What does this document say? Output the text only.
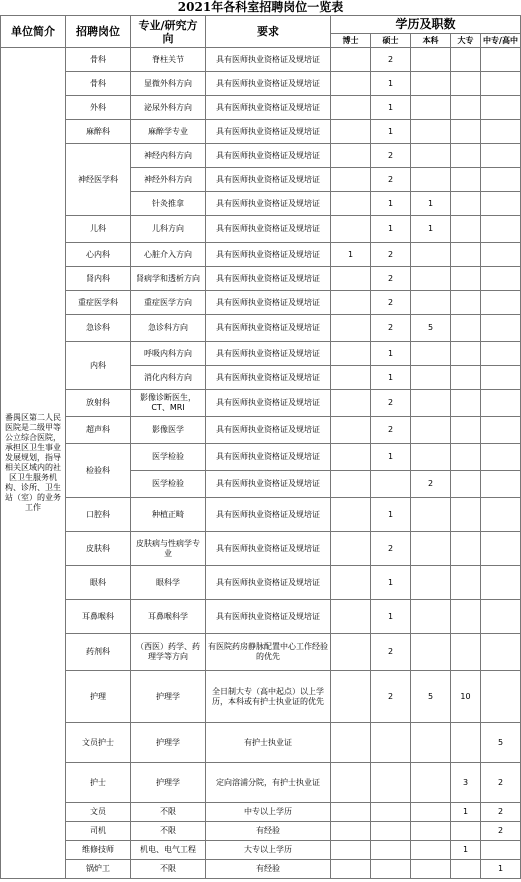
2021年各科室招聘岗位一览表
单位简介	招聘岗位	专业/研究方向	要求	学历及职数				
				博士	硕士	本科	大专	中专/高中
番禺区第二人民医院是二级甲等公立综合医院，承担区卫生事业发展规划，指导相关区域内的社区卫生服务机构、诊所、卫生站（室）的业务工作	骨科	脊柱关节	具有医师执业资格证及规培证		2			
	骨科	显微外科方向	具有医师执业资格证及规培证		1			
	外科	泌尿外科方向	具有医师执业资格证及规培证		1			
	麻醉科	麻醉学专业	具有医师执业资格证及规培证		1			
	神经医学科	神经内科方向	具有医师执业资格证及规培证		2			
		神经外科方向	具有医师执业资格证及规培证		2			
		针灸推拿	具有医师执业资格证及规培证		1	1		
	儿科	儿科方向	具有医师执业资格证及规培证		1	1		
	心内科	心脏介入方向	具有医师执业资格证及规培证	1	2			
	肾内科	肾病学和透析方向	具有医师执业资格证及规培证		2			
	重症医学科	重症医学方向	具有医师执业资格证及规培证		2			
	急诊科	急诊科方向	具有医师执业资格证及规培证		2	5		
	内科	呼吸内科方向	具有医师执业资格证及规培证		1			
		消化内科方向	具有医师执业资格证及规培证		1			
	放射科	影像诊断医生，CT、MRI	具有医师执业资格证及规培证		2			
	超声科	影像医学	具有医师执业资格证及规培证		2			
	检验科	医学检验	具有医师执业资格证及规培证		1			
		医学检验	具有医师执业资格证及规培证			2		
	口腔科	种植正畸	具有医师执业资格证及规培证		1			
	皮肤科	皮肤病与性病学专业	具有医师执业资格证及规培证		2			
	眼科	眼科学	具有医师执业资格证及规培证		1			
	耳鼻喉科	耳鼻喉科学	具有医师执业资格证及规培证		1			
	药剂科	（西医）药学、药理学等方向	有医院药房静脉配置中心工作经验的优先		2			
	护理	护理学	全日制大专（高中起点）以上学历，本科或有护士执业证的优先		2	5	10	
	文员护士	护理学	有护士执业证					5
	护士	护理学	定向溶浦分院，有护士执业证				3	2
	文员	不限	中专以上学历				1	2
	司机	不限	有经验					2
	维修技师	机电、电气工程	大专以上学历				1	
	锅炉工	不限	有经验					1
